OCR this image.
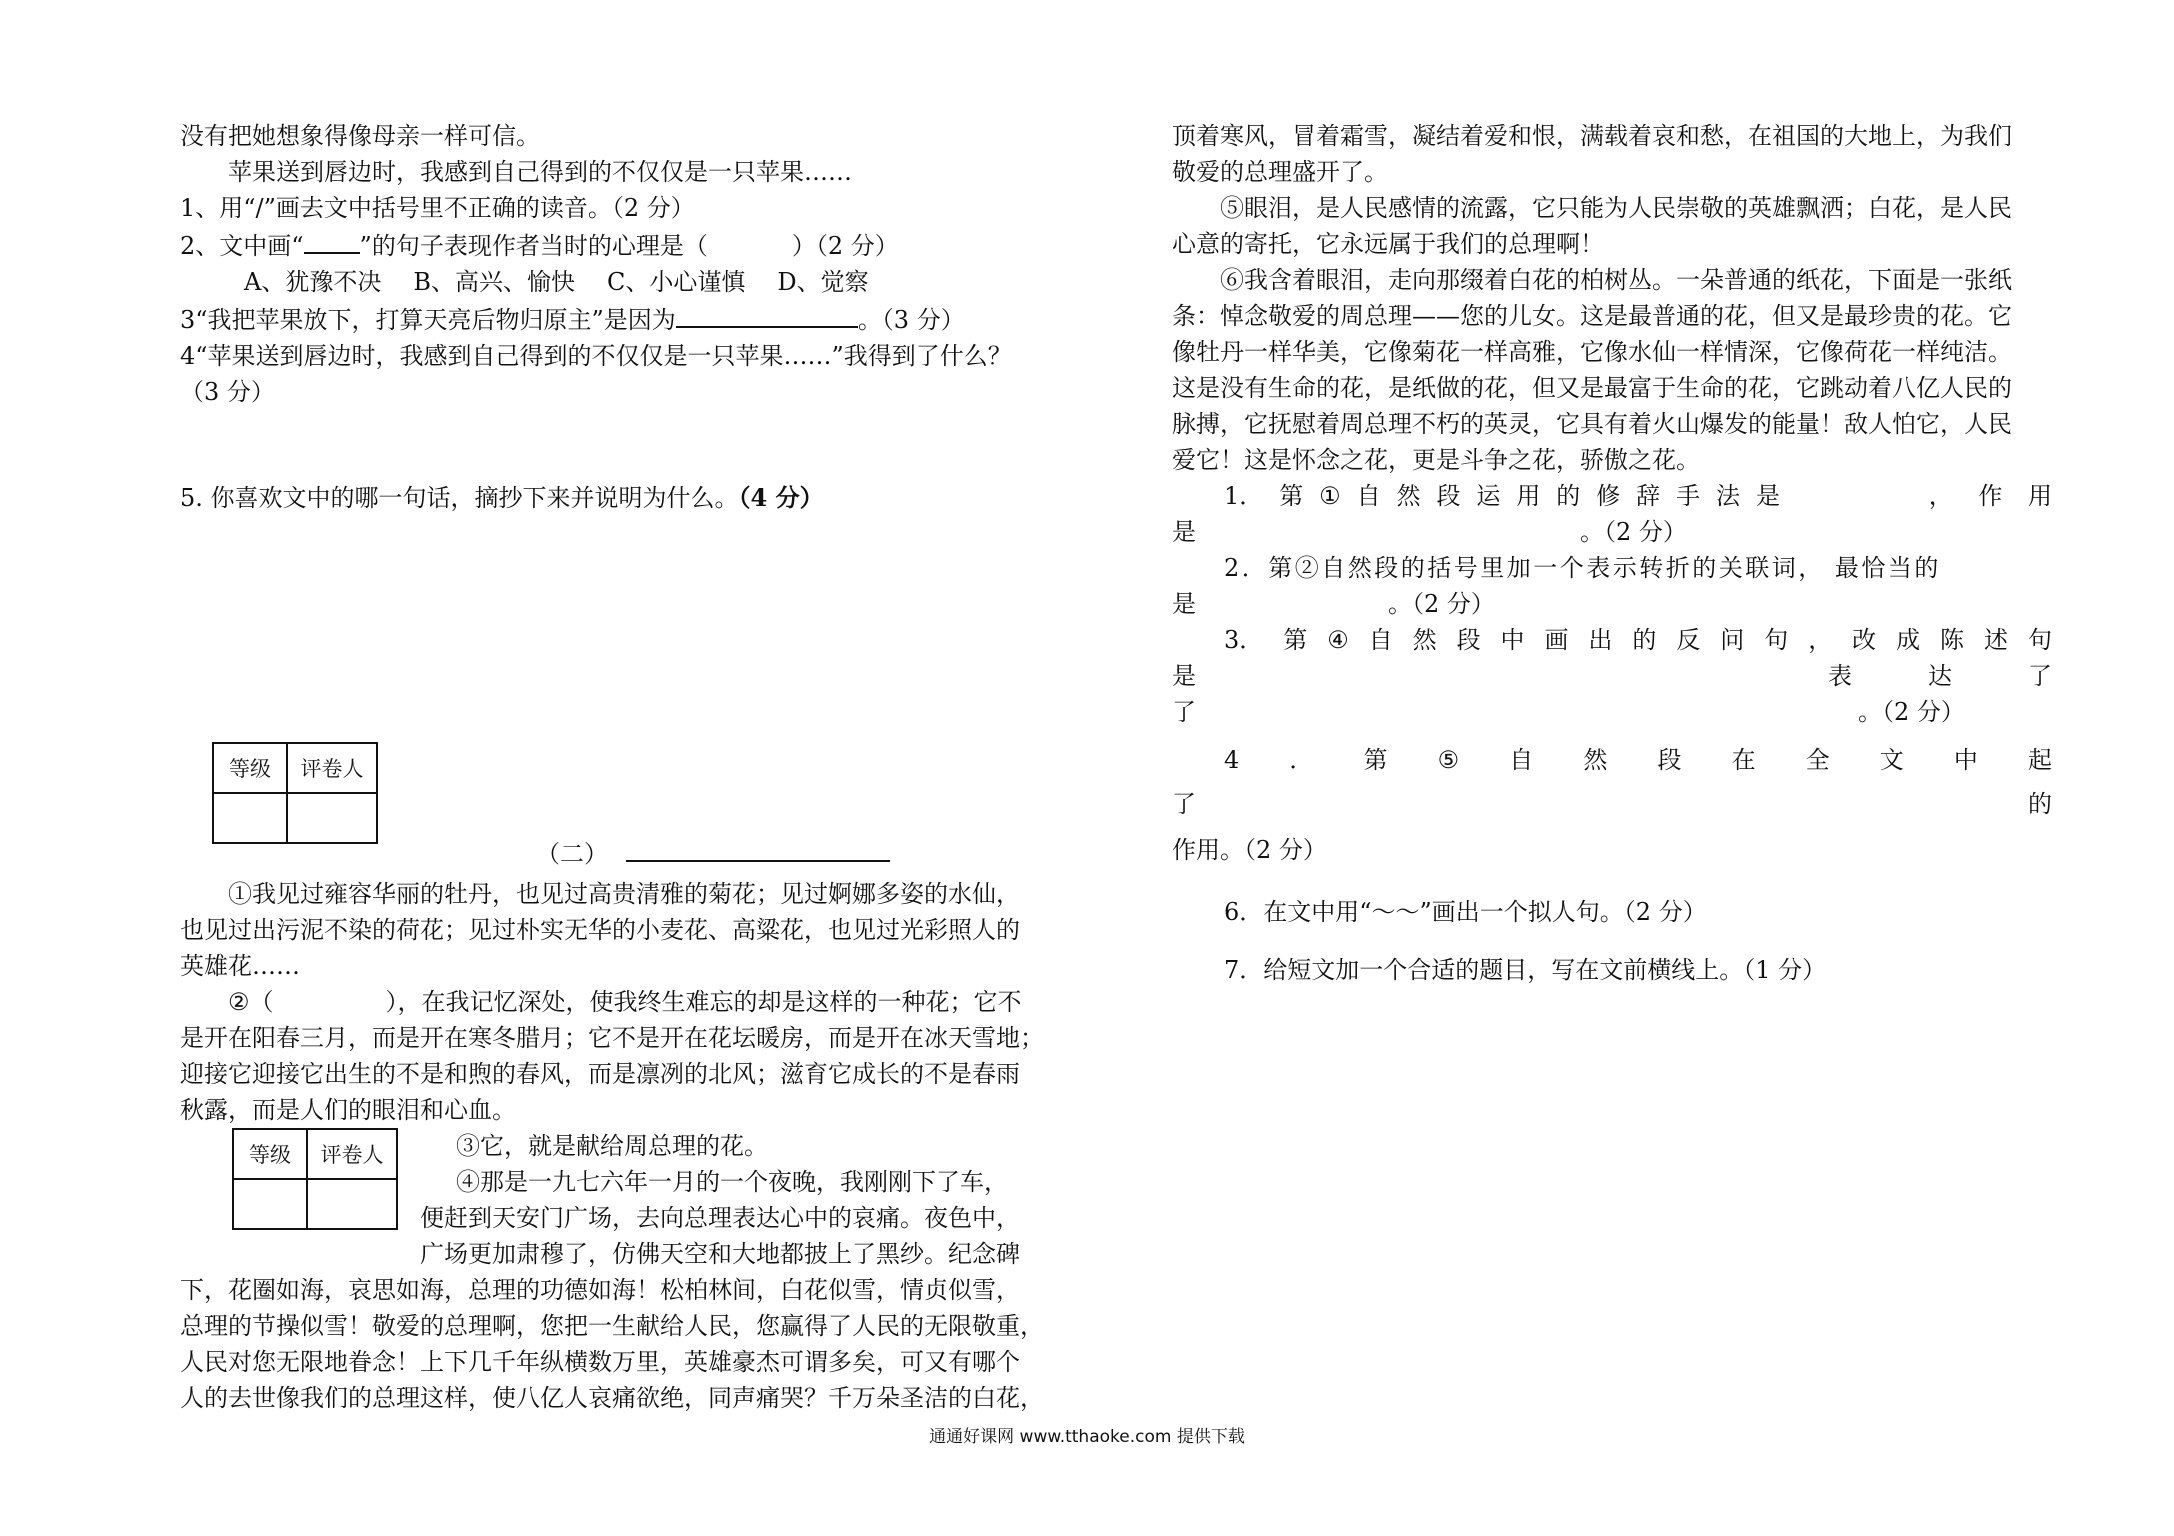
没有把她想象得像母亲一样可信。
苹果送到唇边时，我感到自己得到的不仅仅是一只苹果……
1、用“/”画去文中括号里不正确的读音。（2 分）
2、文中画“ ”的句子表现作者当时的心理是（	）（2 分）
A、犹豫不决 B、高兴、愉快 C、小心谨慎 D、觉察
3“我把苹果放下，打算天亮后物归原主”是因为	。（3 分）
4“苹果送到唇边时，我感到自己得到的不仅仅是一只苹果……”我得到了什么？
（3 分）
5. 你喜欢文中的哪一句话，摘抄下来并说明为什么。（4 分）
等级	评卷人

（二）
①我见过雍容华丽的牡丹，也见过高贵清雅的菊花；见过婀娜多姿的水仙，
也见过出污泥不染的荷花；见过朴实无华的小麦花、高粱花，也见过光彩照人的
英雄花……
②（	），在我记忆深处，使我终生难忘的却是这样的一种花；它不
是开在阳春三月，而是开在寒冬腊月；它不是开在花坛暖房，而是开在冰天雪地；
迎接它迎接它出生的不是和煦的春风，而是凛冽的北风；滋育它成长的不是春雨
秋露，而是人们的眼泪和心血。
等级	评卷人
		③它，就是献给周总理的花。
④那是一九七六年一月的一个夜晚，我刚刚下了车，
便赶到天安门广场，去向总理表达心中的哀痛。夜色中，
广场更加肃穆了，仿佛天空和大地都披上了黑纱。纪念碑
下，花圈如海，哀思如海，总理的功德如海！松柏林间，白花似雪，情贞似雪，
总理的节操似雪！敬爱的总理啊，您把一生献给人民，您赢得了人民的无限敬重，
人民对您无限地眷念！上下几千年纵横数万里，英雄豪杰可谓多矣，可又有哪个
人的去世像我们的总理这样，使八亿人哀痛欲绝，同声痛哭？千万朵圣洁的白花，
顶着寒风，冒着霜雪，凝结着爱和恨，满载着哀和愁，在祖国的大地上，为我们
敬爱的总理盛开了。
⑤眼泪，是人民感情的流露，它只能为人民崇敬的英雄飘洒；白花，是人民
心意的寄托，它永远属于我们的总理啊！
⑥我含着眼泪，走向那缀着白花的柏树丛。一朵普通的纸花，下面是一张纸
条：悼念敬爱的周总理——您的儿女。这是最普通的花，但又是最珍贵的花。它
像牡丹一样华美，它像菊花一样高雅，它像水仙一样情深，它像荷花一样纯洁。
这是没有生命的花，是纸做的花，但又是最富于生命的花，它跳动着八亿人民的
脉搏，它抚慰着周总理不朽的英灵，它具有着火山爆发的能量！敌人怕它，人民
爱它！这是怀念之花，更是斗争之花，骄傲之花。
1． 第 ① 自 然 段 运 用 的 修 辞 手 法 是	， 作 用
是	。（2 分）
2．第②自然段的括号里加一个表示转折的关联词， 最恰当的
是	。（2 分）
3． 第 ④ 自 然 段 中 画 出 的 反 问 句 ， 改 成 陈 述 句
是	表	达	了
了	。（2 分）
4 ． 第 ⑤ 自 然 段 在 全 文 中 起
了	的
作用。（2 分）
6．在文中用“～～”画出一个拟人句。（2 分）
7．给短文加一个合适的题目，写在文前横线上。（1 分）
通通好课网 www.tthaoke.com 提供下载
